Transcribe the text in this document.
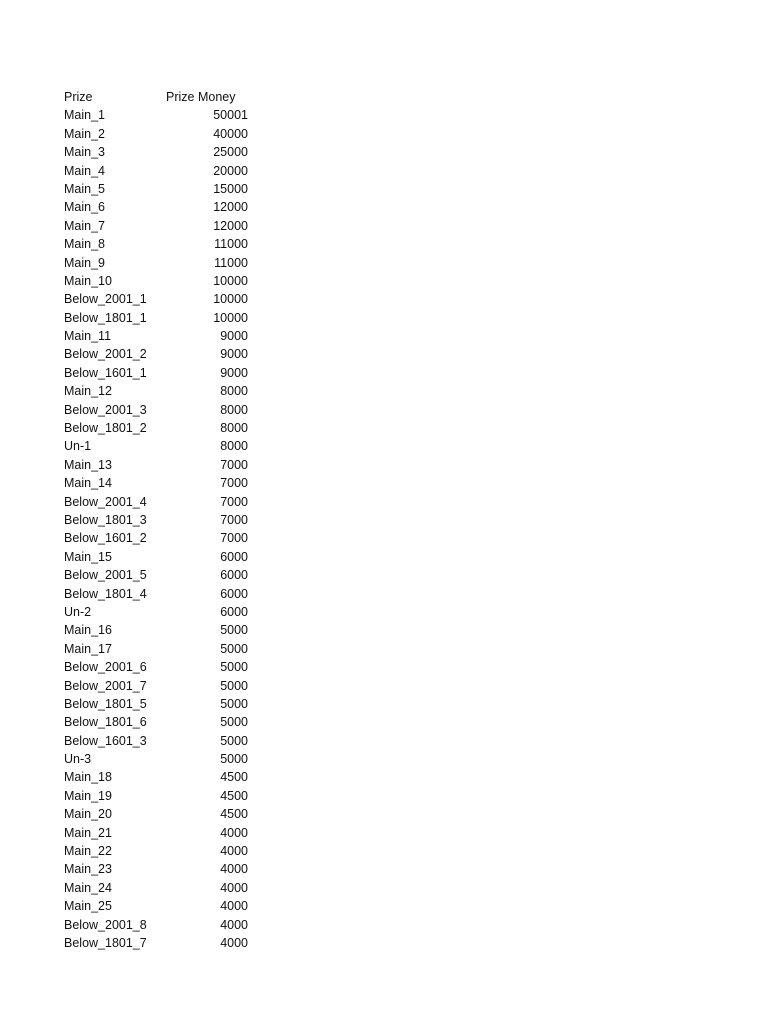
Prize	Prize Money
Main_1	50001
Main_2	40000
Main_3	25000
Main_4	20000
Main_5	15000
Main_6	12000
Main_7	12000
Main_8	11000
Main_9	11000
Main_10	10000
Below_2001_1	10000
Below_1801_1	10000
Main_11	9000
Below_2001_2	9000
Below_1601_1	9000
Main_12	8000
Below_2001_3	8000
Below_1801_2	8000
Un-1	8000
Main_13	7000
Main_14	7000
Below_2001_4	7000
Below_1801_3	7000
Below_1601_2	7000
Main_15	6000
Below_2001_5	6000
Below_1801_4	6000
Un-2	6000
Main_16	5000
Main_17	5000
Below_2001_6	5000
Below_2001_7	5000
Below_1801_5	5000
Below_1801_6	5000
Below_1601_3	5000
Un-3	5000
Main_18	4500
Main_19	4500
Main_20	4500
Main_21	4000
Main_22	4000
Main_23	4000
Main_24	4000
Main_25	4000
Below_2001_8	4000
Below_1801_7	4000
